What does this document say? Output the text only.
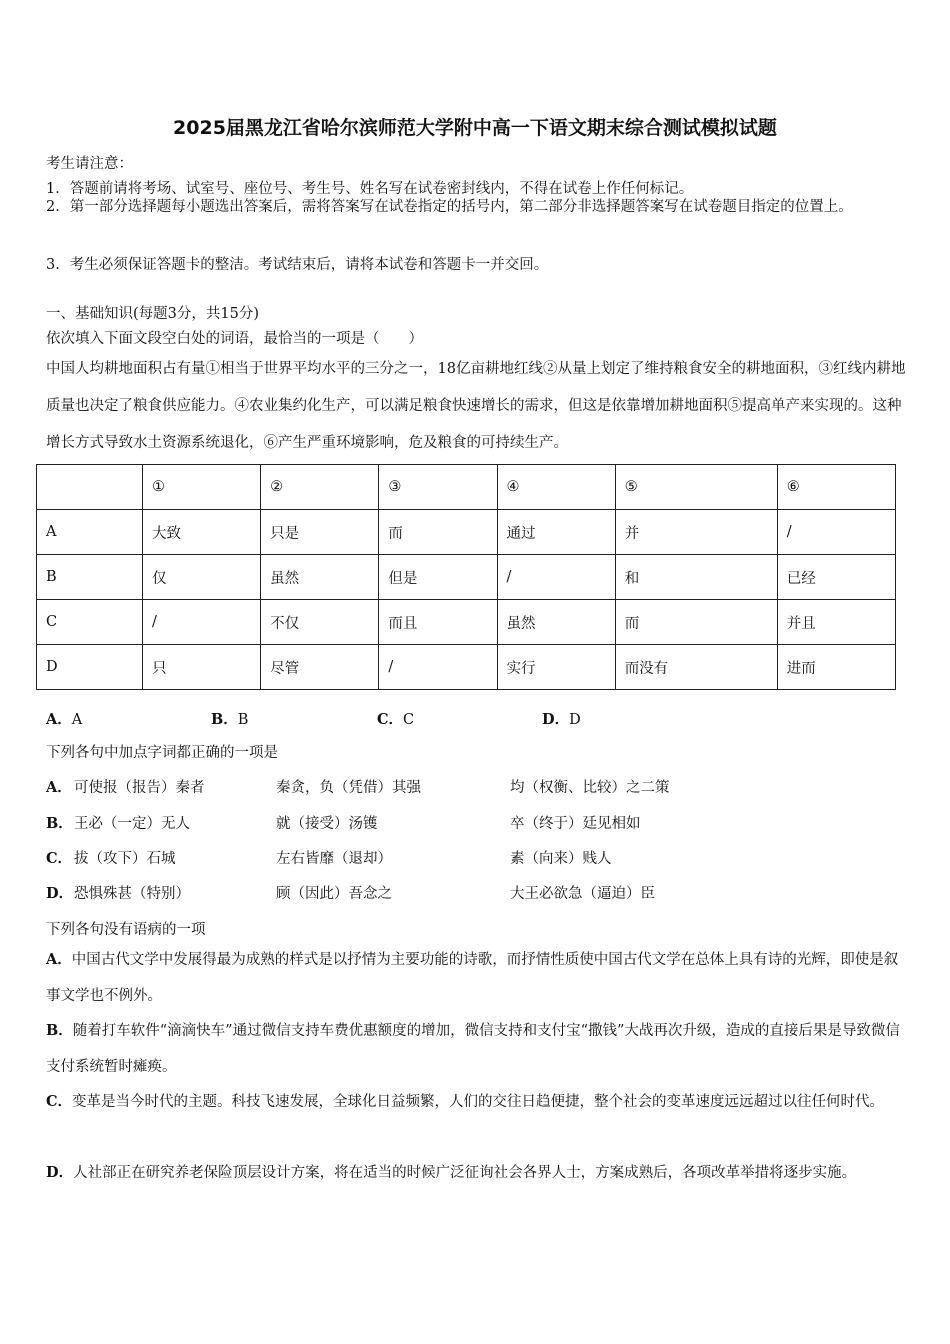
2025届黑龙江省哈尔滨师范大学附中高一下语文期末综合测试模拟试题
考生请注意：
1．答题前请将考场、试室号、座位号、考生号、姓名写在试卷密封线内，不得在试卷上作任何标记。
2．第一部分选择题每小题选出答案后，需将答案写在试卷指定的括号内，第二部分非选择题答案写在试卷题目指定的位置上。
3．考生必须保证答题卡的整洁。考试结束后，请将本试卷和答题卡一并交回。
一、基础知识(每题3分，共15分)
依次填入下面文段空白处的词语，最恰当的一项是（　　）
中国人均耕地面积占有量①相当于世界平均水平的三分之一，18亿亩耕地红线②从量上划定了维持粮食安全的耕地面积，③红线内耕地质量也决定了粮食供应能力。④农业集约化生产，可以满足粮食快速增长的需求，但这是依靠增加耕地面积⑤提高单产来实现的。这种增长方式导致水土资源系统退化，⑥产生严重环境影响，危及粮食的可持续生产。
	①	②	③	④	⑤	⑥
A	大致	只是	而	通过	并	/
B	仅	虽然	但是	/	和	已经
C	/	不仅	而且	虽然	而	并且
D	只	尽管	/	实行	而没有	进而
A．A	B．B	C．C	D．D
下列各句中加点字词都正确的一项是
A． 可使报（报告）秦者	秦贪，负（凭借）其强	均（权衡、比较）之二策
B． 王必（一定）无人	就（接受）汤镬	卒（终于）廷见相如
C． 拔（攻下）石城	左右皆靡（退却）	素（向来）贱人
D． 恐惧殊甚（特别）	顾（因此）吾念之	大王必欲急（逼迫）臣
下列各句没有语病的一项
A．中国古代文学中发展得最为成熟的样式是以抒情为主要功能的诗歌，而抒情性质使中国古代文学在总体上具有诗的光辉，即使是叙事文学也不例外。
B．随着打车软件“滴滴快车”通过微信支持车费优惠额度的增加，微信支持和支付宝“撒钱”大战再次升级，造成的直接后果是导致微信支付系统暂时瘫痪。
C．变革是当今时代的主题。科技飞速发展，全球化日益频繁，人们的交往日趋便捷，整个社会的变革速度远远超过以往任何时代。
D．人社部正在研究养老保险顶层设计方案，将在适当的时候广泛征询社会各界人士，方案成熟后，各项改革举措将逐步实施。
